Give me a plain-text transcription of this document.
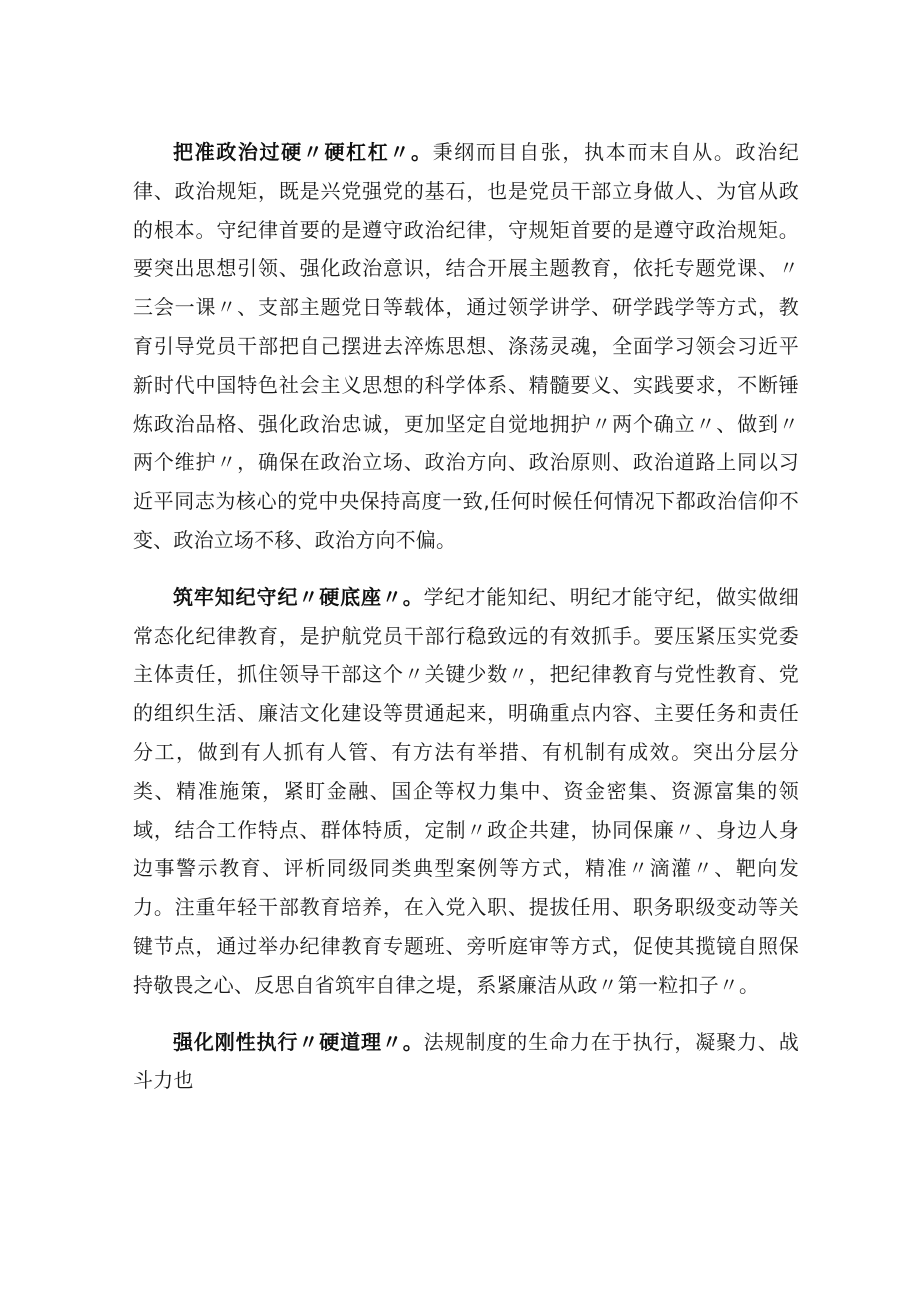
把准政治过硬〃硬杠杠〃。秉纲而目自张，执本而末自从。政治纪律、政治规矩，既是兴党强党的基石，也是党员干部立身做人、为官从政的根本。守纪律首要的是遵守政治纪律，守规矩首要的是遵守政治规矩。要突出思想引领、强化政治意识，结合开展主题教育，依托专题党课、〃三会一课〃、支部主题党日等载体，通过领学讲学、研学践学等方式，教育引导党员干部把自己摆进去淬炼思想、涤荡灵魂，全面学习领会习近平新时代中国特色社会主义思想的科学体系、精髓要义、实践要求，不断锤炼政治品格、强化政治忠诚，更加坚定自觉地拥护〃两个确立〃、做到〃两个维护〃，确保在政治立场、政治方向、政治原则、政治道路上同以习近平同志为核心的党中央保持高度一致,任何时候任何情况下都政治信仰不变、政治立场不移、政治方向不偏。

筑牢知纪守纪〃硬底座〃。学纪才能知纪、明纪才能守纪，做实做细常态化纪律教育，是护航党员干部行稳致远的有效抓手。要压紧压实党委主体责任，抓住领导干部这个〃关键少数〃，把纪律教育与党性教育、党的组织生活、廉洁文化建设等贯通起来，明确重点内容、主要任务和责任分工，做到有人抓有人管、有方法有举措、有机制有成效。突出分层分类、精准施策，紧盯金融、国企等权力集中、资金密集、资源富集的领域，结合工作特点、群体特质，定制〃政企共建，协同保廉〃、身边人身边事警示教育、评析同级同类典型案例等方式，精准〃滴灌〃、靶向发力。注重年轻干部教育培养，在入党入职、提拔任用、职务职级变动等关键节点，通过举办纪律教育专题班、旁听庭审等方式，促使其揽镜自照保持敬畏之心、反思自省筑牢自律之堤，系紧廉洁从政〃第一粒扣子〃。

强化刚性执行〃硬道理〃。法规制度的生命力在于执行，凝聚力、战斗力也
